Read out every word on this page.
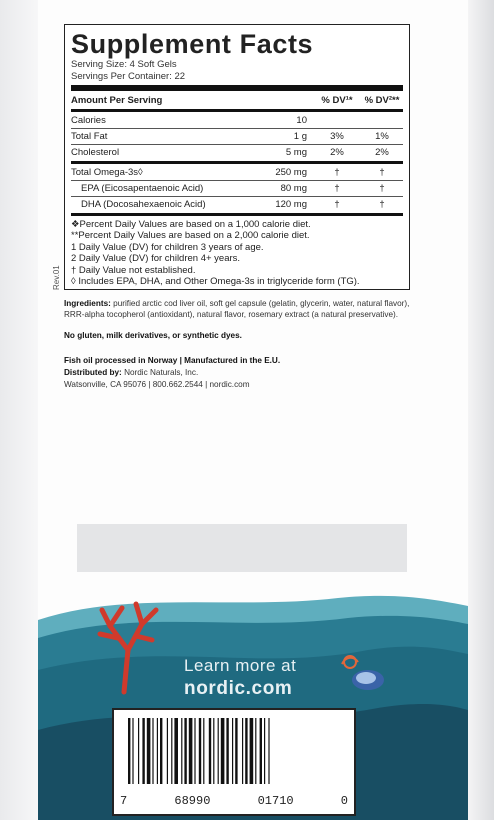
Rev.01
Supplement Facts
Serving Size: 4 Soft Gels
Servings Per Container: 22
Amount Per Serving	% DV¹*	% DV²**
Calories	10
Total Fat	1 g	3%	1%
Cholesterol	5 mg	2%	2%
Total Omega-3s◊	250 mg	†	†
EPA (Eicosapentaenoic Acid)	80 mg	†	†
DHA (Docosahexaenoic Acid)	120 mg	†	†
❖Percent Daily Values are based on a 1,000 calorie diet.
**Percent Daily Values are based on a 2,000 calorie diet.
1 Daily Value (DV) for children 3 years of age.
2 Daily Value (DV) for children 4+ years.
† Daily Value not established.
◊ Includes EPA, DHA, and Other Omega-3s in triglyceride form (TG).
Ingredients: purified arctic cod liver oil, soft gel capsule (gelatin, glycerin, water, natural flavor), RRR-alpha tocopherol (antioxidant), natural flavor, rosemary extract (a natural preservative).
No gluten, milk derivatives, or synthetic dyes.
Fish oil processed in Norway | Manufactured in the E.U.
Distributed by: Nordic Naturals, Inc.
Watsonville, CA 95076 | 800.662.2544 | nordic.com
Learn more at
nordic.com
7	68990	01710	0
